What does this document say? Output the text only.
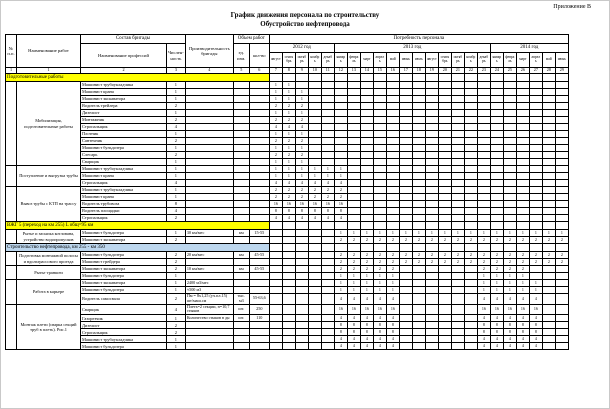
Приложение В
График движения персонала по строительству
Обустройство нефтепровода
№ п.п.	Наименование работ	Состав бригады		Производительность бригады	Объем работ		Потребность персонала																						
		Наименование профессий	Числен- ность		ед. изм.	кол-во	2012 год					2013 год												2014 год					
							август	сентябрь	октябрь	ноябрь	декабрь	январь	февраль	март	апрель	май	июнь	июль	август	сентябрь	октябрь	ноябрь	декабрь	январь	февраль	март	апрель	май	июнь
1	1	2	3	4	5	6	7	8	9	10	11	12	13	14	15	16	17	18	19	20	21	22	23	24	25	26	27	28	29
Подготовительные работы																													
	Мобилизация, подготовительные работы	Машинист трубоукладчика	1				1	1																					
		Машинист крана	1				1	1	1																				
		Машинист экскаватора	1				1	1	1																				
		Водитель трейлера	2				2	2	2																				
		Дизелист	1				1	1	1																				
		Монтажник	2				2	2	2																				
		Стропальщик	4				4	4	4																				
		Плотник	1				1	1	1																				
		Сантехник	2				2	2	2																				
		Машинист бульдозера	1				1	1	1																				
		Слесарь	2				2	2	2																				
		Сварщик	1				1	1	1																				
	Поступление и выгрузка трубы	Машинист трубоукладчика	1				1	1	1	1	1	1																	
		Машинист крана	1				1	1	1	1	1	1																	
		Стропальщик	4				4	4	4	4	4	4																	
	Вывоз трубы с КТП на трассу	Машинист трубоукладчика	1				2	2	2	2	2	2																	
		Машинист крана	1				2	2	2	2	2	2																	
		Водитель трубовоза	8				16	16	16	16	16	16																	
		Водитель площадки	4				8	8	8	8	8	8																	
		Стропальщик	2				4	4	4	4	4	4																	
ВЖГ 5 (переход на км 255) L общ=95 км																													
	Рытье и засыпка котлована, устройство водопропусков	Машинист бульдозера	1	30 км/мес	км	15-55						1	1	1	1	1	1	1	1	1	1	1	1	1	1	1	1	1	1
		Машинист экскаватора	2									2	2	2	2	2	2	2	2	2	2	2	2	2	2	2	2	2	2
Строительство нефтепровода, км 255 - км 350																													
	Подготовка монтажной полосы и вдольтрассового проезда	Машинист бульдозера	2	20 км/мес	км	45-55						2	2	2	2	2	2	2	2	2	2	2	2	2	2	2	2	2	2
		Машинист грейдера	2									2	2	2	2	2	2	2	2	2	2	2	2	2	2	2	2	2	2
	Рытье траншеи	Машинист экскаватора	2	10 км/мес	км	45-55						2	2	2	2	2							2	2	2	2			
		Машинист бульдозера	1									1	1	1	1	1							1	1	1	1			
	Работа в карьере	Машинист экскаватора	1	2400 м3/мес								1	1	1	1	1							1	1	1	1	1		
		Машинист бульдозера	1	≈500 м3								1	1	1	1	1							1	1	1	1	1		
		Водитель самосвала	2	Пм = 8х1,25 (уч.пл.15) шт/маш.см	тыс. м3	55-63,6						4	4	4	4	4							4	4	4	4	4		
	Монтаж плети (сварка секций труб в плеть). Рис.1	Сварщик	4	Плеть=2 секции, n=10,7 стыков	шт.	250						16	16	16	16	16							16	16	16	16	16		
		Газорезчик	1	Количество стыков в дн	шт.	110						4	4	4	4	4							4	4	4	4	4		
		Дизелист	2									8	8	8	8	8							8	8	8	8	8		
		Стропальщик	2									8	8	8	8	8							8	8	8	8	8		
		Машинист трубоукладчика	1									4	4	4	4	4							4	4	4	4	4		
		Машинист бульдозера	1									4	4	4	4	4							4	4	4	4	4		
